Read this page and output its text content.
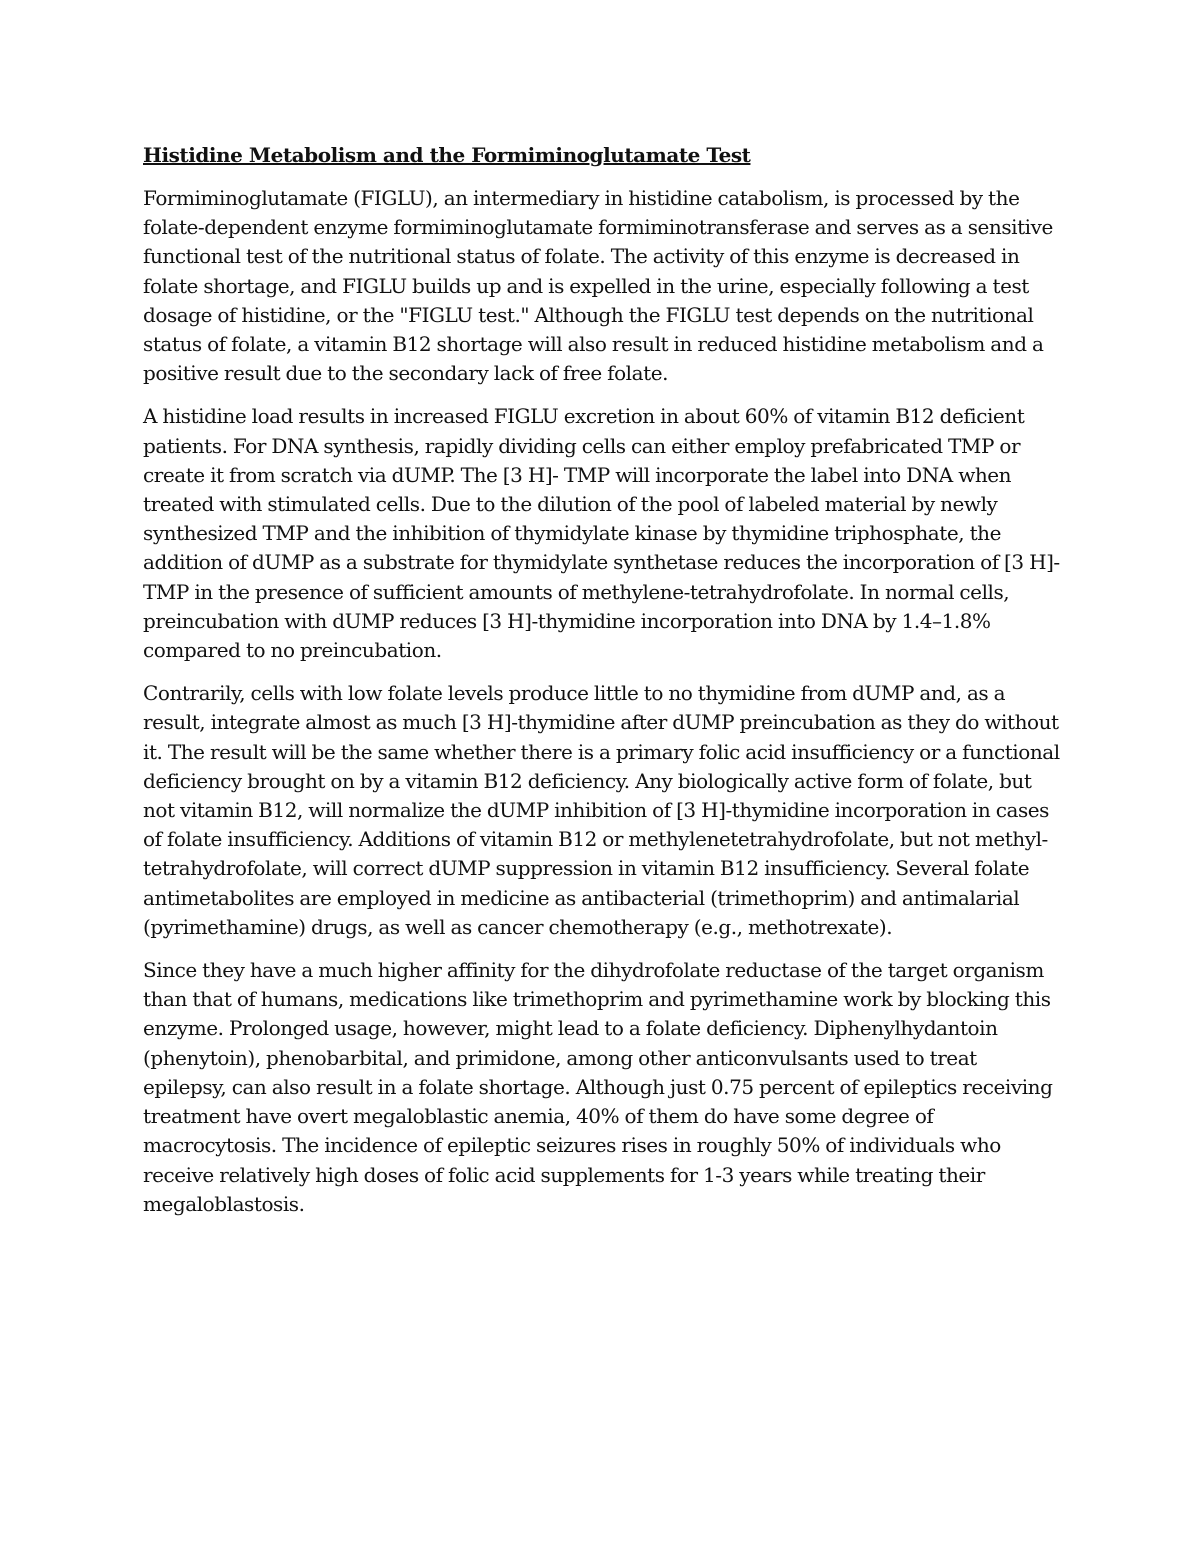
Histidine Metabolism and the Formiminoglutamate Test

Formiminoglutamate (FIGLU), an intermediary in histidine catabolism, is processed by the folate-dependent enzyme formiminoglutamate formiminotransferase and serves as a sensitive functional test of the nutritional status of folate. The activity of this enzyme is decreased in folate shortage, and FIGLU builds up and is expelled in the urine, especially following a test dosage of histidine, or the "FIGLU test." Although the FIGLU test depends on the nutritional status of folate, a vitamin B12 shortage will also result in reduced histidine metabolism and a positive result due to the secondary lack of free folate.

A histidine load results in increased FIGLU excretion in about 60% of vitamin B12 deficient patients. For DNA synthesis, rapidly dividing cells can either employ prefabricated TMP or create it from scratch via dUMP. The [3 H]- TMP will incorporate the label into DNA when treated with stimulated cells. Due to the dilution of the pool of labeled material by newly synthesized TMP and the inhibition of thymidylate kinase by thymidine triphosphate, the addition of dUMP as a substrate for thymidylate synthetase reduces the incorporation of [3 H]-TMP in the presence of sufficient amounts of methylene-tetrahydrofolate. In normal cells, preincubation with dUMP reduces [3 H]-thymidine incorporation into DNA by 1.4–1.8% compared to no preincubation.

Contrarily, cells with low folate levels produce little to no thymidine from dUMP and, as a result, integrate almost as much [3 H]-thymidine after dUMP preincubation as they do without it. The result will be the same whether there is a primary folic acid insufficiency or a functional deficiency brought on by a vitamin B12 deficiency. Any biologically active form of folate, but not vitamin B12, will normalize the dUMP inhibition of [3 H]-thymidine incorporation in cases of folate insufficiency. Additions of vitamin B12 or methylenetetrahydrofolate, but not methyl-tetrahydrofolate, will correct dUMP suppression in vitamin B12 insufficiency. Several folate antimetabolites are employed in medicine as antibacterial (trimethoprim) and antimalarial (pyrimethamine) drugs, as well as cancer chemotherapy (e.g., methotrexate).

Since they have a much higher affinity for the dihydrofolate reductase of the target organism than that of humans, medications like trimethoprim and pyrimethamine work by blocking this enzyme. Prolonged usage, however, might lead to a folate deficiency. Diphenylhydantoin (phenytoin), phenobarbital, and primidone, among other anticonvulsants used to treat epilepsy, can also result in a folate shortage. Although just 0.75 percent of epileptics receiving treatment have overt megaloblastic anemia, 40% of them do have some degree of macrocytosis. The incidence of epileptic seizures rises in roughly 50% of individuals who receive relatively high doses of folic acid supplements for 1-3 years while treating their megaloblastosis.
